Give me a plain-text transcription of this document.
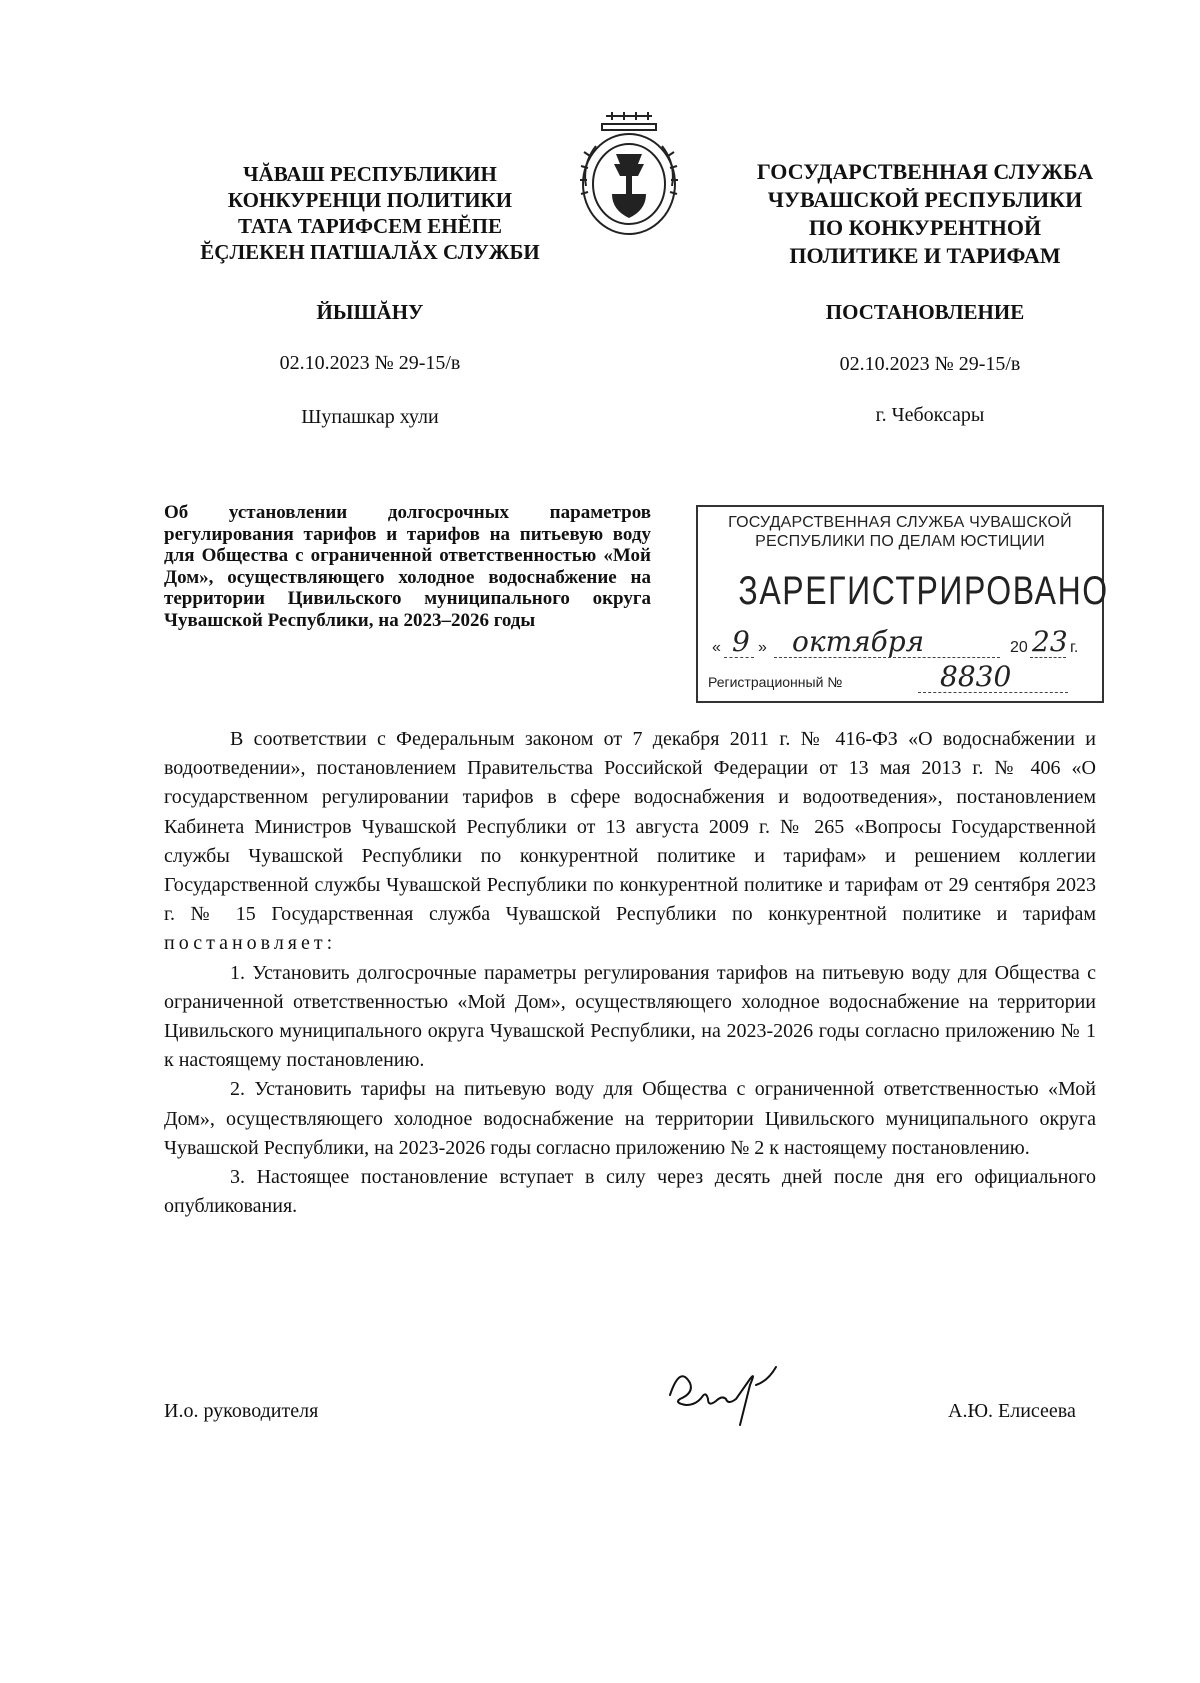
ЧĂВАШ РЕСПУБЛИКИН
КОНКУРЕНЦИ ПОЛИТИКИ
ТАТА ТАРИФСЕМ ЕНĔПЕ
ĔÇЛЕКЕН ПАТШАЛĂХ СЛУЖБИ
ГОСУДАРСТВЕННАЯ СЛУЖБА
ЧУВАШСКОЙ РЕСПУБЛИКИ
ПО КОНКУРЕНТНОЙ
ПОЛИТИКЕ И ТАРИФАМ
ЙЫШĂНУ	ПОСТАНОВЛЕНИЕ
02.10.2023 № 29-15/в	02.10.2023 № 29-15/в
Шупашкар хули	г. Чебоксары
Об установлении долгосрочных параметров регулирования тарифов и тарифов на питьевую воду для Общества с ограниченной ответственностью «Мой Дом», осуществляющего холодное водоснабжение на территории Цивильского муниципального округа Чувашской Республики, на 2023–2026 годы
ГОСУДАРСТВЕННАЯ СЛУЖБА ЧУВАШСКОЙ
РЕСПУБЛИКИ ПО ДЕЛАМ ЮСТИЦИИ
ЗАРЕГИСТРИРОВАНО
« 9 » октября	20 23 г.
Регистрационный №	8830

В соответствии с Федеральным законом от 7 декабря 2011 г. № 416-ФЗ «О водоснабжении и водоотведении», постановлением Правительства Российской Федерации от 13 мая 2013 г. № 406 «О государственном регулировании тарифов в сфере водоснабжения и водоотведения», постановлением Кабинета Министров Чувашской Республики от 13 августа 2009 г. № 265 «Вопросы Государственной службы Чувашской Республики по конкурентной политике и тарифам» и решением коллегии Государственной службы Чувашской Республики по конкурентной политике и тарифам от 29 сентября 2023 г. № 15 Государственная служба Чувашской Республики по конкурентной политике и тарифам постановляет:

1. Установить долгосрочные параметры регулирования тарифов на питьевую воду для Общества с ограниченной ответственностью «Мой Дом», осуществляющего холодное водоснабжение на территории Цивильского муниципального округа Чувашской Республики, на 2023-2026 годы согласно приложению № 1 к настоящему постановлению.

2. Установить тарифы на питьевую воду для Общества с ограниченной ответственностью «Мой Дом», осуществляющего холодное водоснабжение на территории Цивильского муниципального округа Чувашской Республики, на 2023-2026 годы согласно приложению № 2 к настоящему постановлению.

3. Настоящее постановление вступает в силу через десять дней после дня его официального опубликования.

И.о. руководителя	А.Ю. Елисеева
